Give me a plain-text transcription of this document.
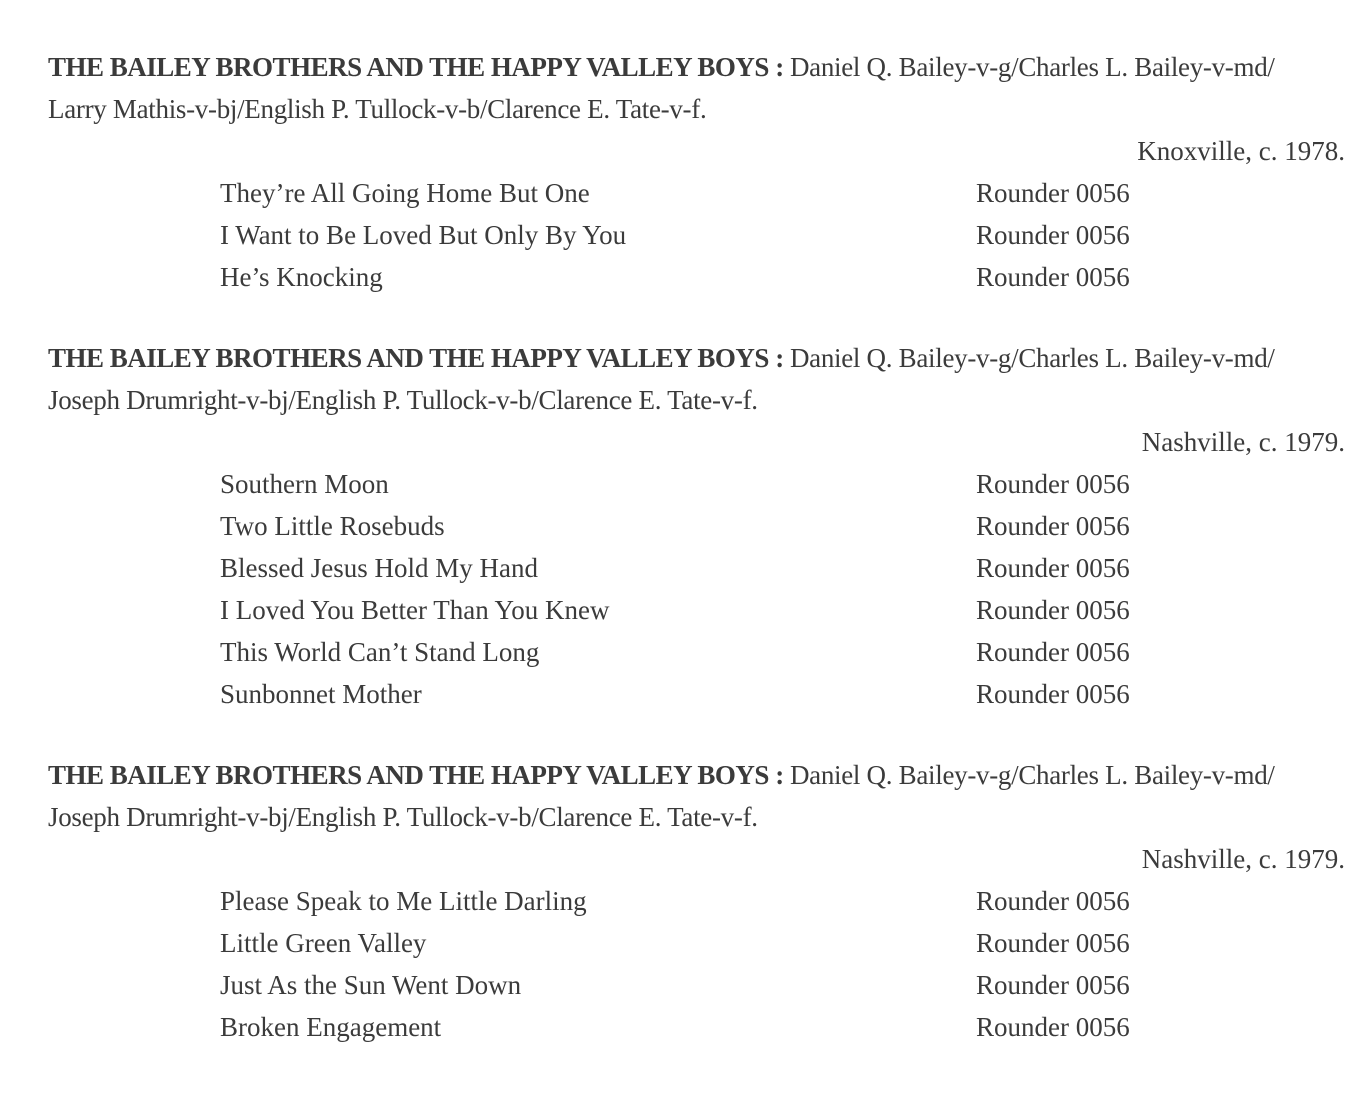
THE BAILEY BROTHERS AND THE HAPPY VALLEY BOYS : Daniel Q. Bailey-v-g/Charles L. Bailey-v-md/
Larry Mathis-v-bj/English P. Tullock-v-b/Clarence E. Tate-v-f.
Knoxville, c. 1978.
They’re All Going Home But One	Rounder 0056
I Want to Be Loved But Only By You	Rounder 0056
He’s Knocking	Rounder 0056
THE BAILEY BROTHERS AND THE HAPPY VALLEY BOYS : Daniel Q. Bailey-v-g/Charles L. Bailey-v-md/
Joseph Drumright-v-bj/English P. Tullock-v-b/Clarence E. Tate-v-f.
Nashville, c. 1979.
Southern Moon	Rounder 0056
Two Little Rosebuds	Rounder 0056
Blessed Jesus Hold My Hand	Rounder 0056
I Loved You Better Than You Knew	Rounder 0056
This World Can’t Stand Long	Rounder 0056
Sunbonnet Mother	Rounder 0056
THE BAILEY BROTHERS AND THE HAPPY VALLEY BOYS : Daniel Q. Bailey-v-g/Charles L. Bailey-v-md/
Joseph Drumright-v-bj/English P. Tullock-v-b/Clarence E. Tate-v-f.
Nashville, c. 1979.
Please Speak to Me Little Darling	Rounder 0056
Little Green Valley	Rounder 0056
Just As the Sun Went Down	Rounder 0056
Broken Engagement	Rounder 0056
